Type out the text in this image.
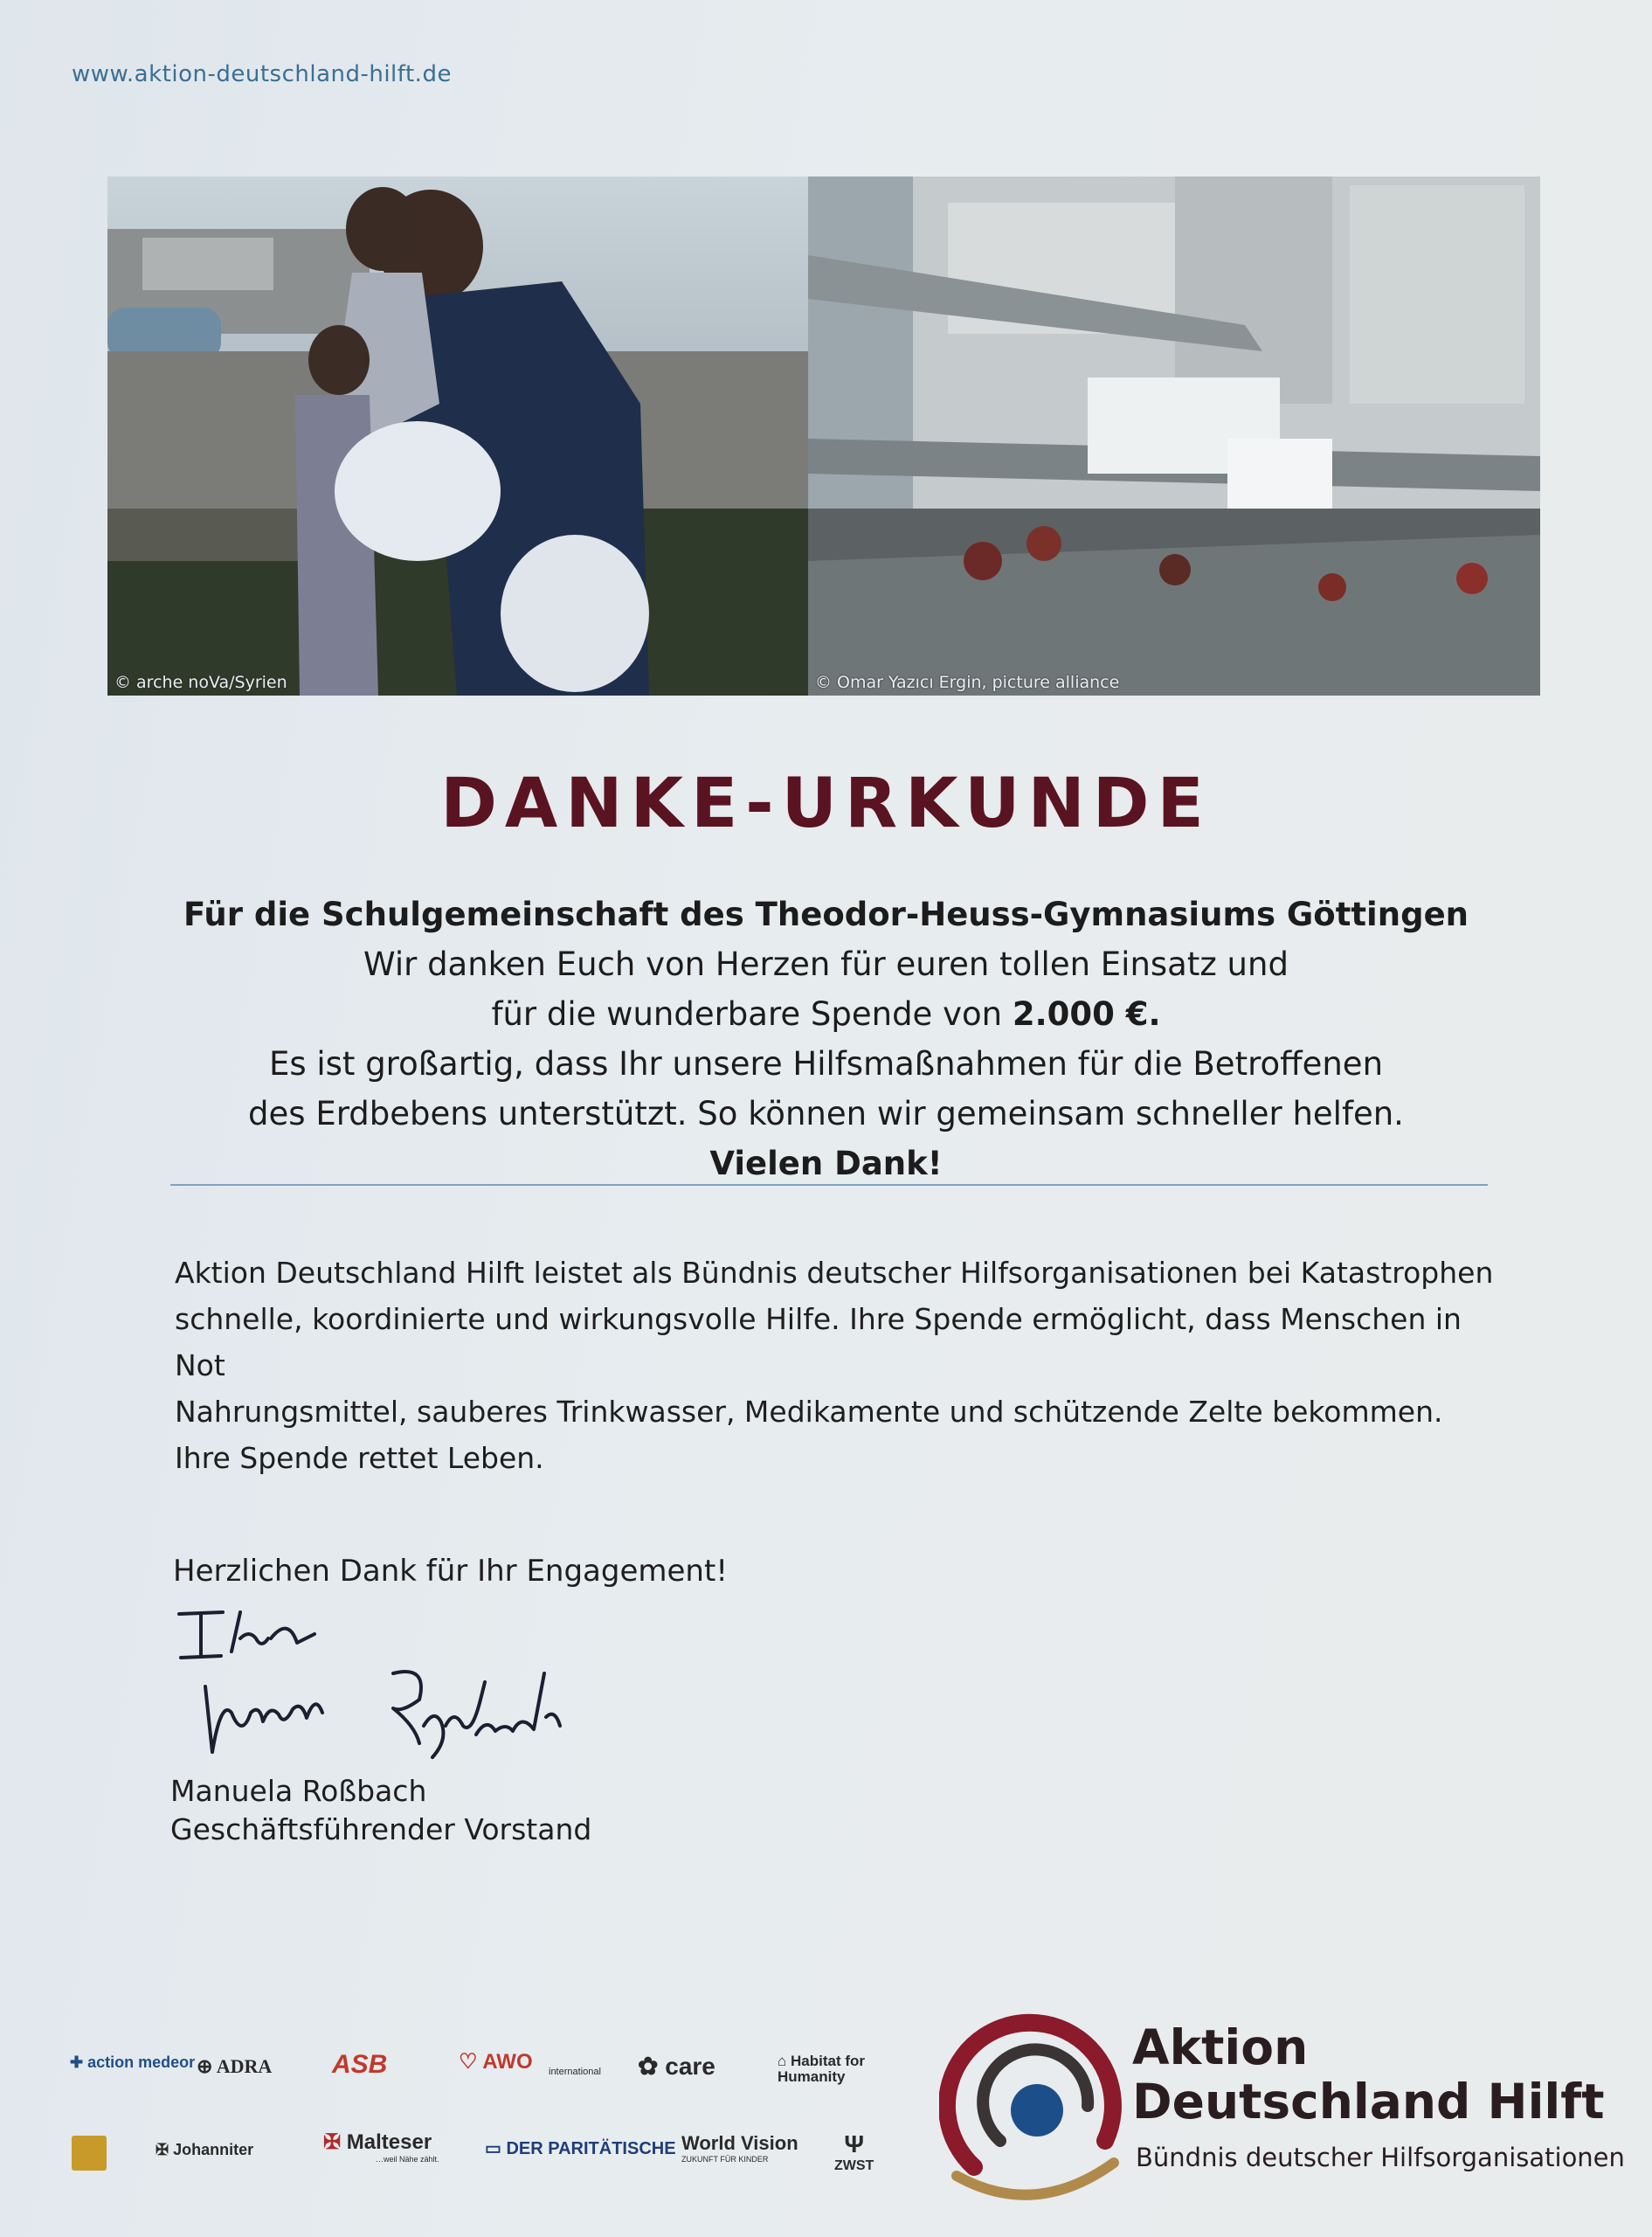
www.aktion-deutschland-hilft.de
© arche noVa/Syrien	© Omar Yazıcı Ergin, picture alliance
DANKE-URKUNDE
Für die Schulgemeinschaft des Theodor-Heuss-Gymnasiums Göttingen
Wir danken Euch von Herzen für euren tollen Einsatz und
für die wunderbare Spende von 2.000 €.
Es ist großartig, dass Ihr unsere Hilfsmaßnahmen für die Betroffenen
des Erdbebens unterstützt. So können wir gemeinsam schneller helfen.
Vielen Dank!
Aktion Deutschland Hilft leistet als Bündnis deutscher Hilfsorganisationen bei Katastrophen
schnelle, koordinierte und wirkungsvolle Hilfe. Ihre Spende ermöglicht, dass Menschen in Not
Nahrungsmittel, sauberes Trinkwasser, Medikamente und schützende Zelte bekommen.
Ihre Spende rettet Leben.
Herzlichen Dank für Ihr Engagement!
Manuela Roßbach
Geschäftsführender Vorstand
✚ action medeor ⊕ ADRA ASB	♡ AWO international ✿ care	⌂ Habitat for Humanity
✠ Johanniter	✠ Malteser
…weil Nähe zählt.
▭ DER PARITÄTISCHE World Vision
ZUKUNFT FÜR KINDER
Ψ
ZWST
Aktion
Deutschland Hilft
Bündnis deutscher Hilfsorganisationen
